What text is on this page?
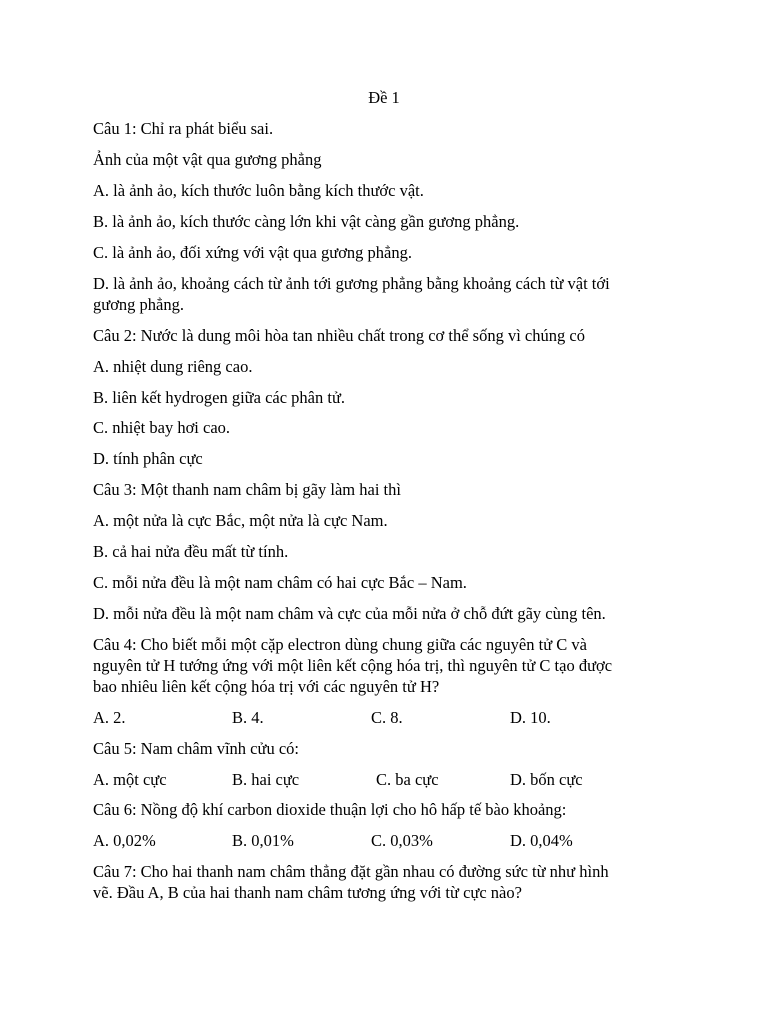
Đề 1
Câu 1: Chỉ ra phát biểu sai.
Ảnh của một vật qua gương phẳng
A. là ảnh ảo, kích thước luôn bằng kích thước vật.
B. là ảnh ảo, kích thước càng lớn khi vật càng gần gương phẳng.
C. là ảnh ảo, đối xứng với vật qua gương phẳng.
D. là ảnh ảo, khoảng cách từ ảnh tới gương phẳng bằng khoảng cách từ vật tới
gương phẳng.
Câu 2: Nước là dung môi hòa tan nhiều chất trong cơ thể sống vì chúng có
A. nhiệt dung riêng cao.
B. liên kết hydrogen giữa các phân tử.
C. nhiệt bay hơi cao.
D. tính phân cực
Câu 3: Một thanh nam châm bị gãy làm hai thì
A. một nửa là cực Bắc, một nửa là cực Nam.
B. cả hai nửa đều mất từ tính.
C. mỗi nửa đều là một nam châm có hai cực Bắc – Nam.
D. mỗi nửa đều là một nam châm và cực của mỗi nửa ở chỗ đứt gãy cùng tên.
Câu 4: Cho biết mỗi một cặp electron dùng chung giữa các nguyên tử C và
nguyên tử H tướng ứng với một liên kết cộng hóa trị, thì nguyên tử C tạo được
bao nhiêu liên kết cộng hóa trị với các nguyên tử H?
A. 2.	B. 4.	C. 8.	D. 10.
Câu 5: Nam châm vĩnh cửu có:
A. một cực	B. hai cực	C. ba cực	D. bốn cực
Câu 6: Nồng độ khí carbon dioxide thuận lợi cho hô hấp tế bào khoảng:
A. 0,02%	B. 0,01%	C. 0,03%	D. 0,04%
Câu 7: Cho hai thanh nam châm thẳng đặt gần nhau có đường sức từ như hình
vẽ. Đầu A, B của hai thanh nam châm tương ứng với từ cực nào?
